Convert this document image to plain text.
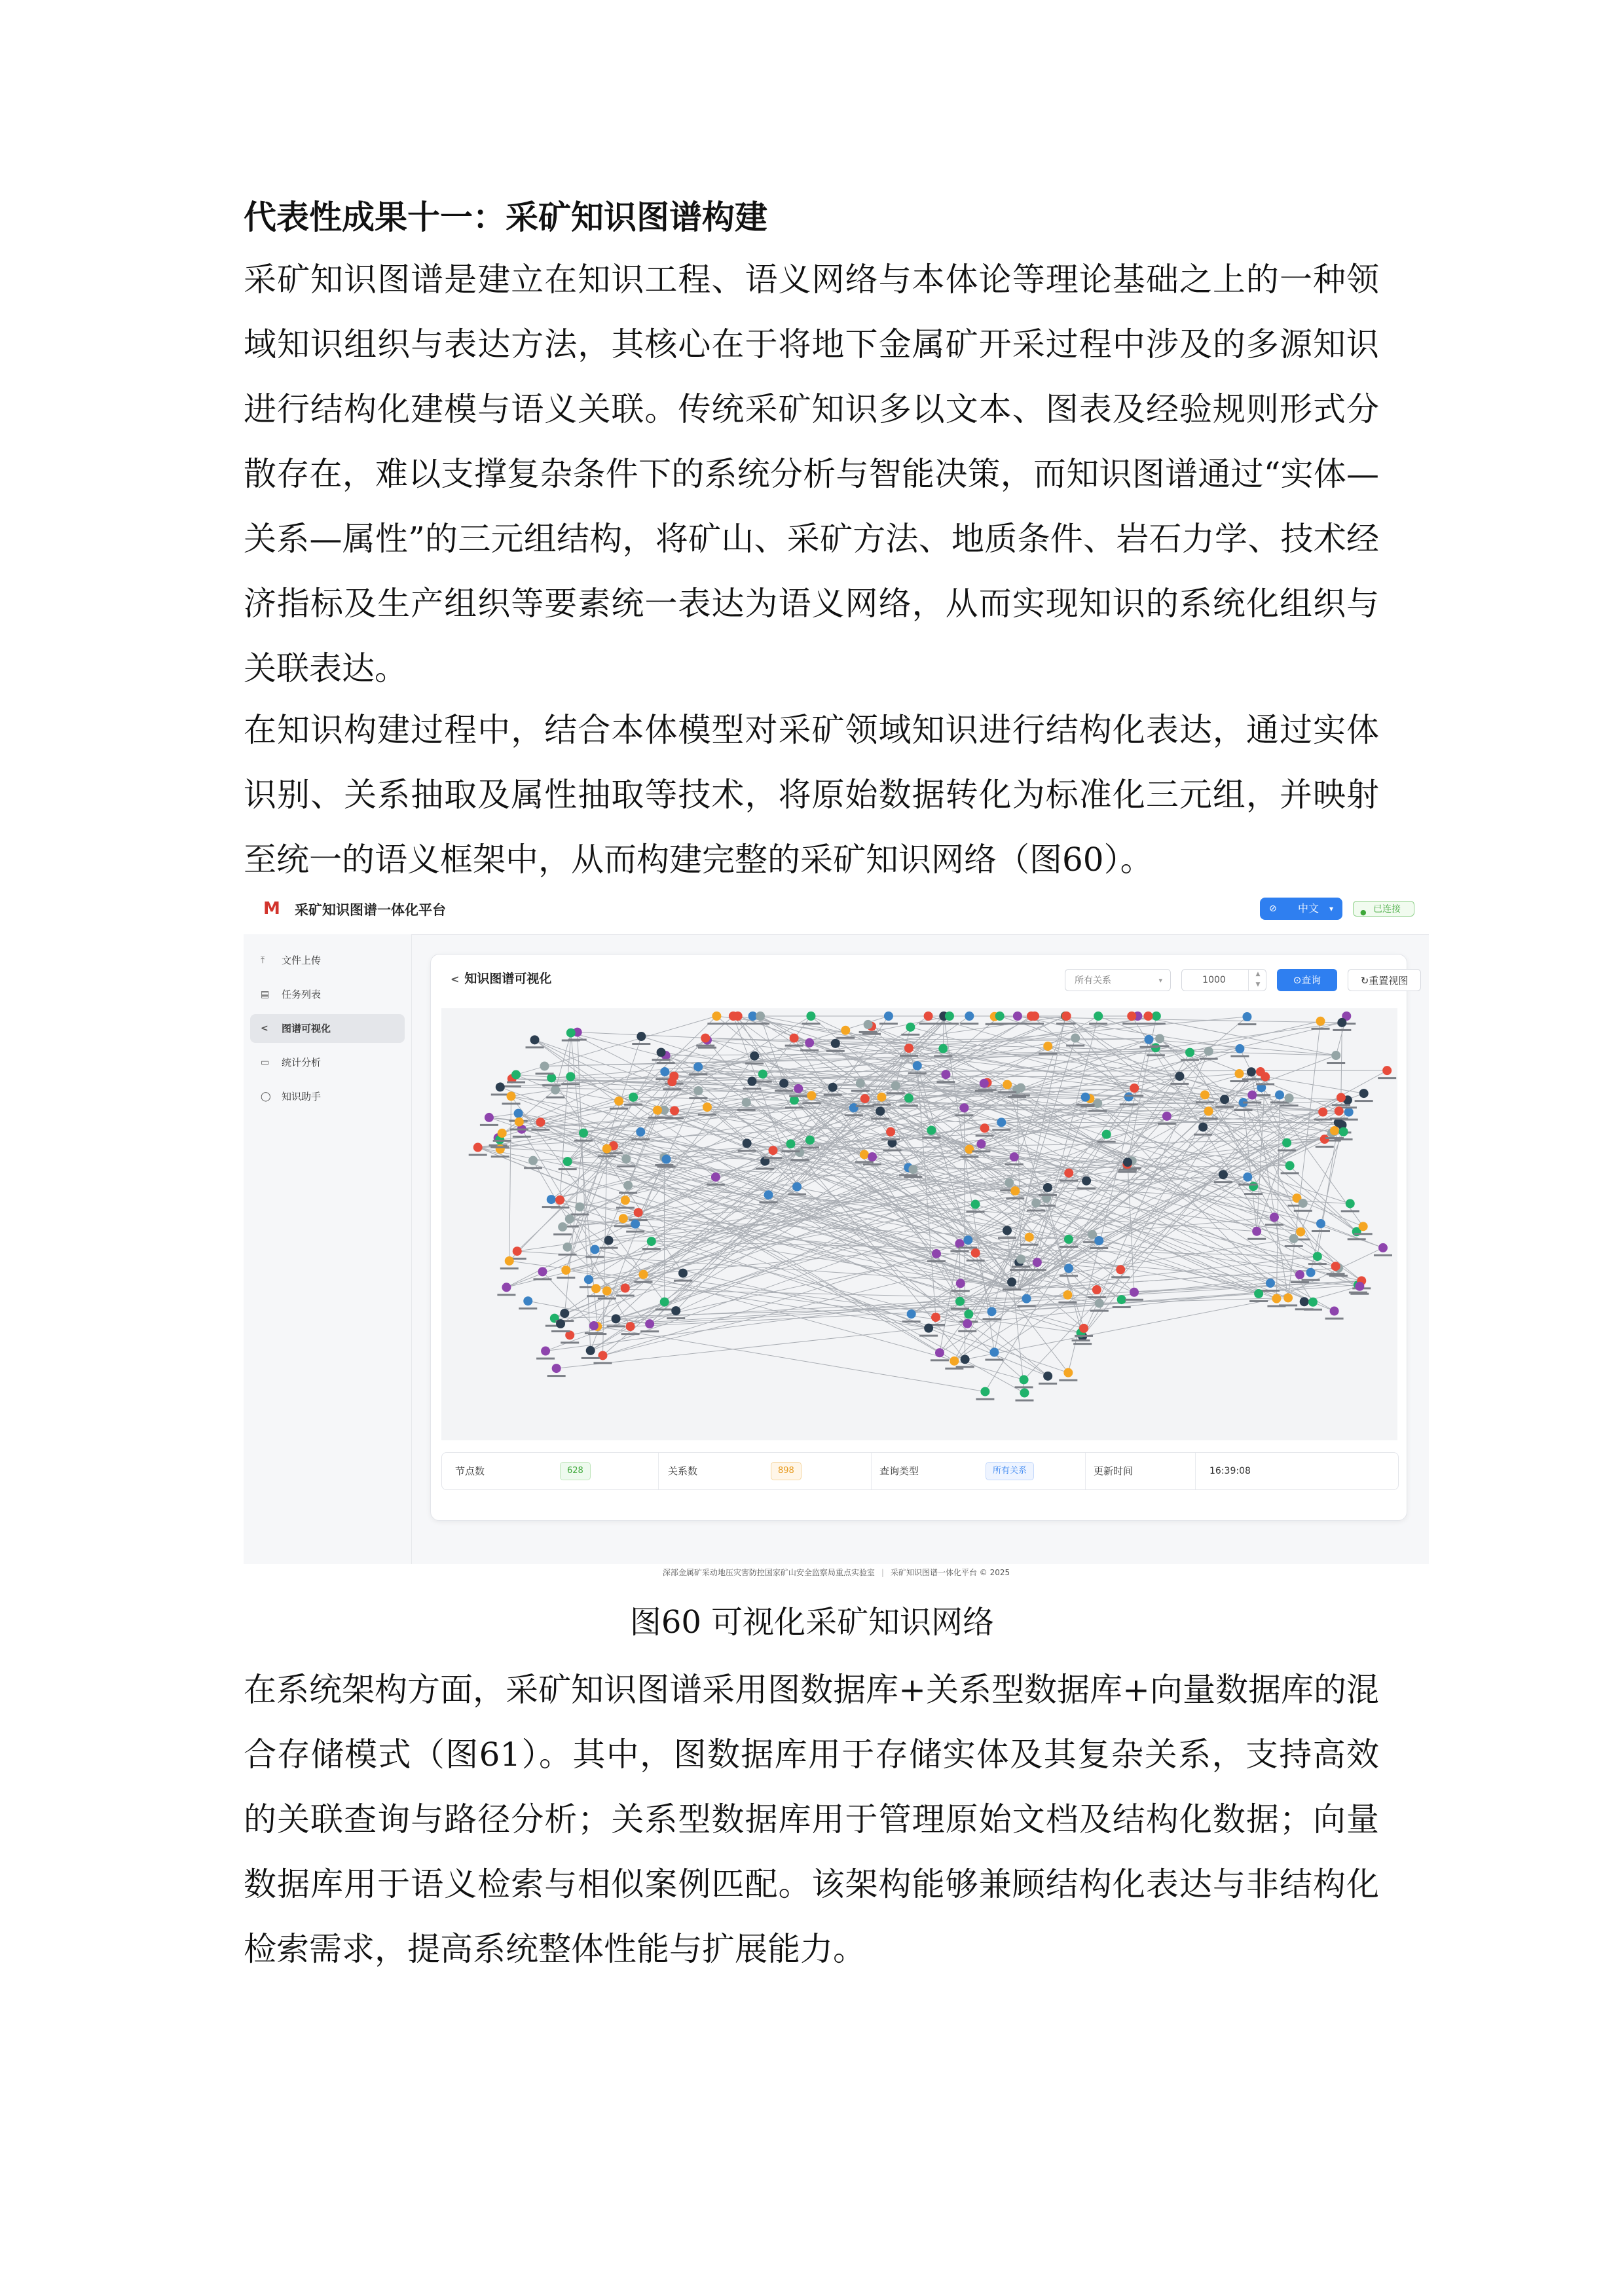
代表性成果十一：采矿知识图谱构建

采矿知识图谱是建立在知识工程、语义网络与本体论等理论基础之上的一种领域知识组织与表达方法，其核心在于将地下金属矿开采过程中涉及的多源知识进行结构化建模与语义关联。传统采矿知识多以文本、图表及经验规则形式分散存在，难以支撑复杂条件下的系统分析与智能决策，而知识图谱通过“实体—关系—属性”的三元组结构，将矿山、采矿方法、地质条件、岩石力学、技术经济指标及生产组织等要素统一表达为语义网络，从而实现知识的系统化组织与关联表达。

在知识构建过程中，结合本体模型对采矿领域知识进行结构化表达，通过实体识别、关系抽取及属性抽取等技术，将原始数据转化为标准化三元组，并映射至统一的语义框架中，从而构建完整的采矿知识网络（图60）。

M	采矿知识图谱一体化平台	⊘ 中文 ▾	● 已连接
⤒ 文件上传
▤ 任务列表
< 图谱可视化
▭ 统计分析
◯ 知识助手
< 知识图谱可视化	所有关系	▾
1000
▲
▼	⊙查询	↻重置视图
节点数	628	关系数	898	查询类型	所有关系	更新时间	16:39:08
深部金属矿采动地压灾害防控国家矿山安全监察局重点实验室 | 采矿知识图谱一体化平台 © 2025
图60 可视化采矿知识网络

在系统架构方面，采矿知识图谱采用图数据库+关系型数据库+向量数据库的混合存储模式（图61）。其中，图数据库用于存储实体及其复杂关系，支持高效的关联查询与路径分析；关系型数据库用于管理原始文档及结构化数据；向量数据库用于语义检索与相似案例匹配。该架构能够兼顾结构化表达与非结构化检索需求，提高系统整体性能与扩展能力。
